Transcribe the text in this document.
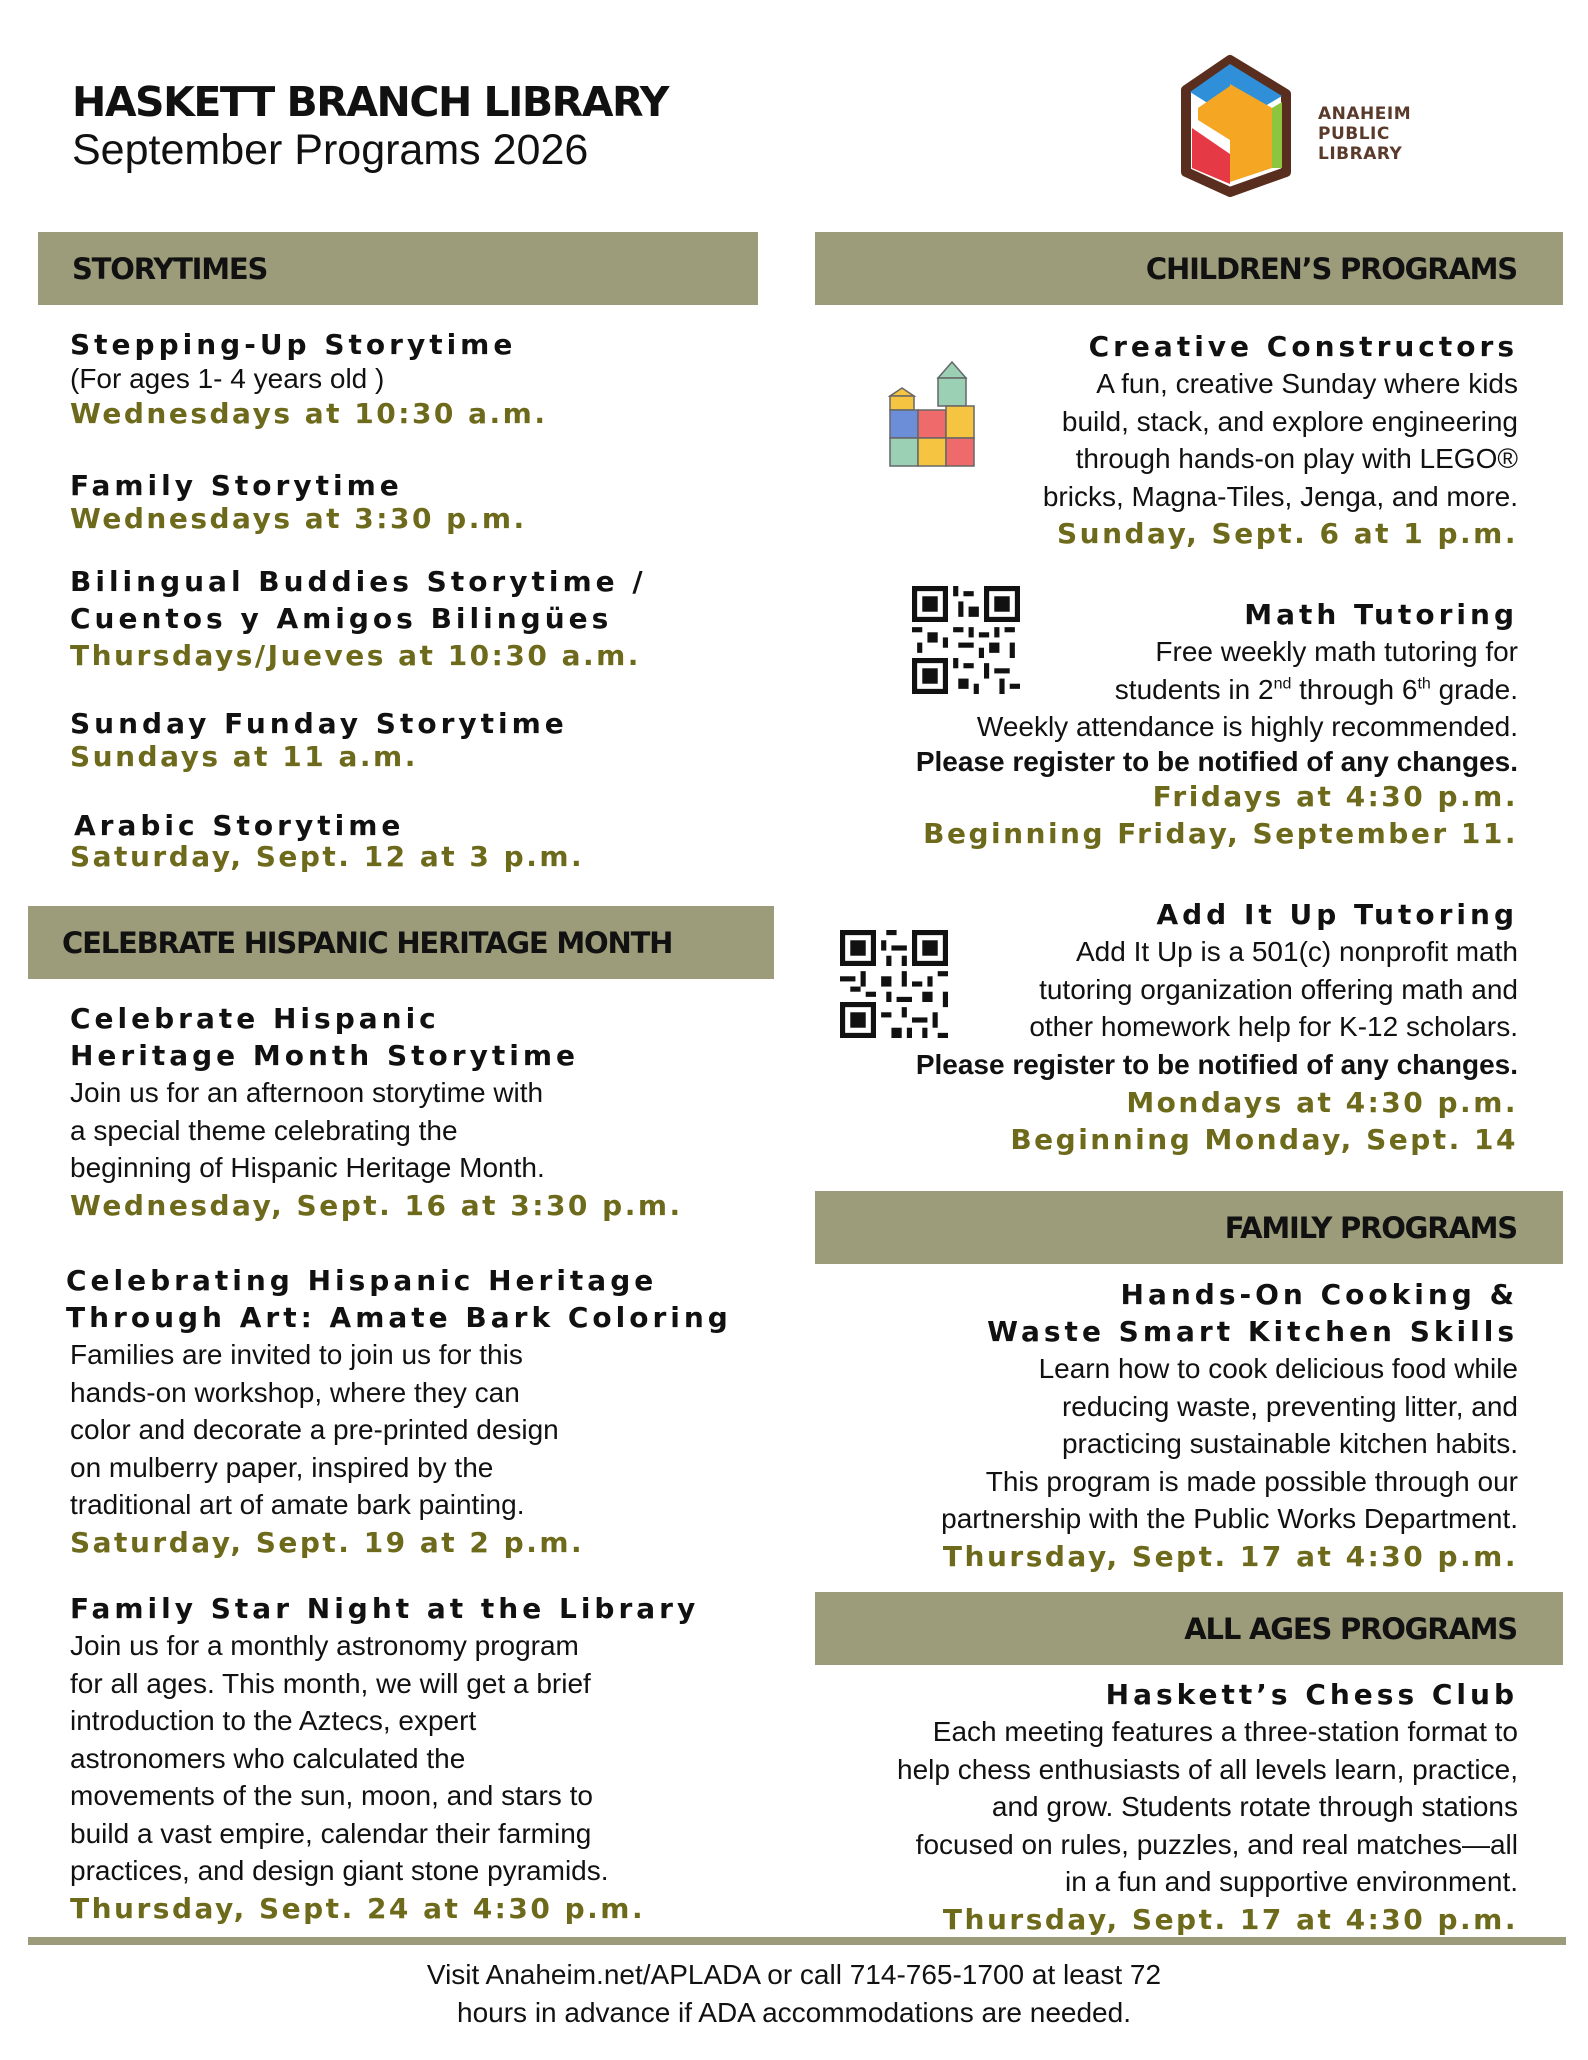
HASKETT BRANCH LIBRARY
September Programs 2026
ANAHEIM
PUBLIC
LIBRARY
STORYTIMES	CHILDREN’S PROGRAMS
CELEBRATE HISPANIC HERITAGE MONTH
FAMILY PROGRAMS
ALL AGES PROGRAMS
Stepping-Up Storytime
(For ages 1- 4 years old )
Wednesdays at 10:30 a.m.
Family Storytime
Wednesdays at 3:30 p.m.
Bilingual Buddies Storytime /
Cuentos y Amigos Bilingües
Thursdays/Jueves at 10:30 a.m.
Sunday Funday Storytime
Sundays at 11 a.m.
Arabic Storytime
Saturday, Sept. 12 at 3 p.m.
Celebrate Hispanic
Heritage Month Storytime
Join us for an afternoon storytime with
a special theme celebrating the
beginning of Hispanic Heritage Month.
Wednesday, Sept. 16 at 3:30 p.m.
Celebrating Hispanic Heritage
Through Art: Amate Bark Coloring
Families are invited to join us for this
hands-on workshop, where they can
color and decorate a pre-printed design
on mulberry paper, inspired by the
traditional art of amate bark painting.
Saturday, Sept. 19 at 2 p.m.
Family Star Night at the Library
Join us for a monthly astronomy program
for all ages. This month, we will get a brief
introduction to the Aztecs, expert
astronomers who calculated the
movements of the sun, moon, and stars to
build a vast empire, calendar their farming
practices, and design giant stone pyramids.
Thursday, Sept. 24 at 4:30 p.m.
Creative Constructors
A fun, creative Sunday where kids
build, stack, and explore engineering
through hands-on play with LEGO®
bricks, Magna-Tiles, Jenga, and more.
Sunday, Sept. 6 at 1 p.m.
Math Tutoring
Free weekly math tutoring for
students in 2nd through 6th grade.
Weekly attendance is highly recommended.
Please register to be notified of any changes.
Fridays at 4:30 p.m.
Beginning Friday, September 11.
Add It Up Tutoring
Add It Up is a 501(c) nonprofit math
tutoring organization offering math and
other homework help for K-12 scholars.
Please register to be notified of any changes.
Mondays at 4:30 p.m.
Beginning Monday, Sept. 14
Hands-On Cooking &
Waste Smart Kitchen Skills
Learn how to cook delicious food while
reducing waste, preventing litter, and
practicing sustainable kitchen habits.
This program is made possible through our
partnership with the Public Works Department.
Thursday, Sept. 17 at 4:30 p.m.
Haskett’s Chess Club
Each meeting features a three-station format to
help chess enthusiasts of all levels learn, practice,
and grow. Students rotate through stations
focused on rules, puzzles, and real matches—all
in a fun and supportive environment.
Thursday, Sept. 17 at 4:30 p.m.
Visit Anaheim.net/APLADA or call 714-765-1700 at least 72
hours in advance if ADA accommodations are needed.
